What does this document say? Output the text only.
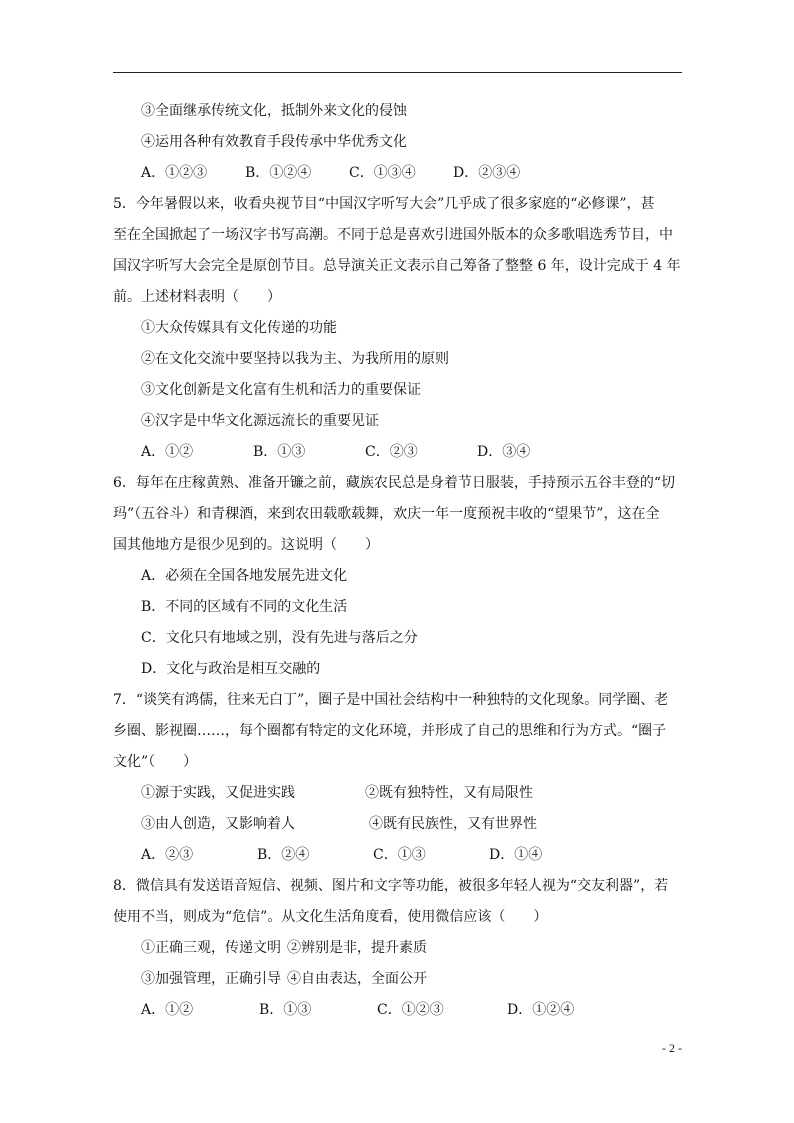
③全面继承传统文化，抵制外来文化的侵蚀
④运用各种有效教育手段传承中华优秀文化
A．①②③	B．①②④	C．①③④	D．②③④
5．今年暑假以来，收看央视节目“中国汉字听写大会”几乎成了很多家庭的“必修课”，甚
至在全国掀起了一场汉字书写高潮。不同于总是喜欢引进国外版本的众多歌唱选秀节目，中
国汉字听写大会完全是原创节目。总导演关正文表示自己筹备了整整 6 年，设计完成于 4 年
前。上述材料表明（　　）
①大众传媒具有文化传递的功能
②在文化交流中要坚持以我为主、为我所用的原则
③文化创新是文化富有生机和活力的重要保证
④汉字是中华文化源远流长的重要见证
A．①②	B．①③	C．②③	D．③④
6．每年在庄稼黄熟、准备开镰之前，藏族农民总是身着节日服装，手持预示五谷丰登的“切
玛”（五谷斗）和青稞酒，来到农田载歌载舞，欢庆一年一度预祝丰收的“望果节”，这在全
国其他地方是很少见到的。这说明（　　）
A．必须在全国各地发展先进文化
B．不同的区域有不同的文化生活
C．文化只有地域之别，没有先进与落后之分
D．文化与政治是相互交融的
7．“谈笑有鸿儒，往来无白丁”，圈子是中国社会结构中一种独特的文化现象。同学圈、老
乡圈、影视圈……，每个圈都有特定的文化环境，并形成了自己的思维和行为方式。“圈子
文化”（　　）
①源于实践，又促进实践	②既有独特性，又有局限性
③由人创造，又影响着人	④既有民族性，又有世界性
A．②③	B．②④	C．①③	D．①④
8．微信具有发送语音短信、视频、图片和文字等功能，被很多年轻人视为“交友利器”，若
使用不当，则成为“危信”。从文化生活角度看，使用微信应该（　　）
①正确三观，传递文明 ②辨别是非，提升素质
③加强管理，正确引导 ④自由表达，全面公开
A．①②	B．①③	C．①②③	D．①②④
- 2 -
